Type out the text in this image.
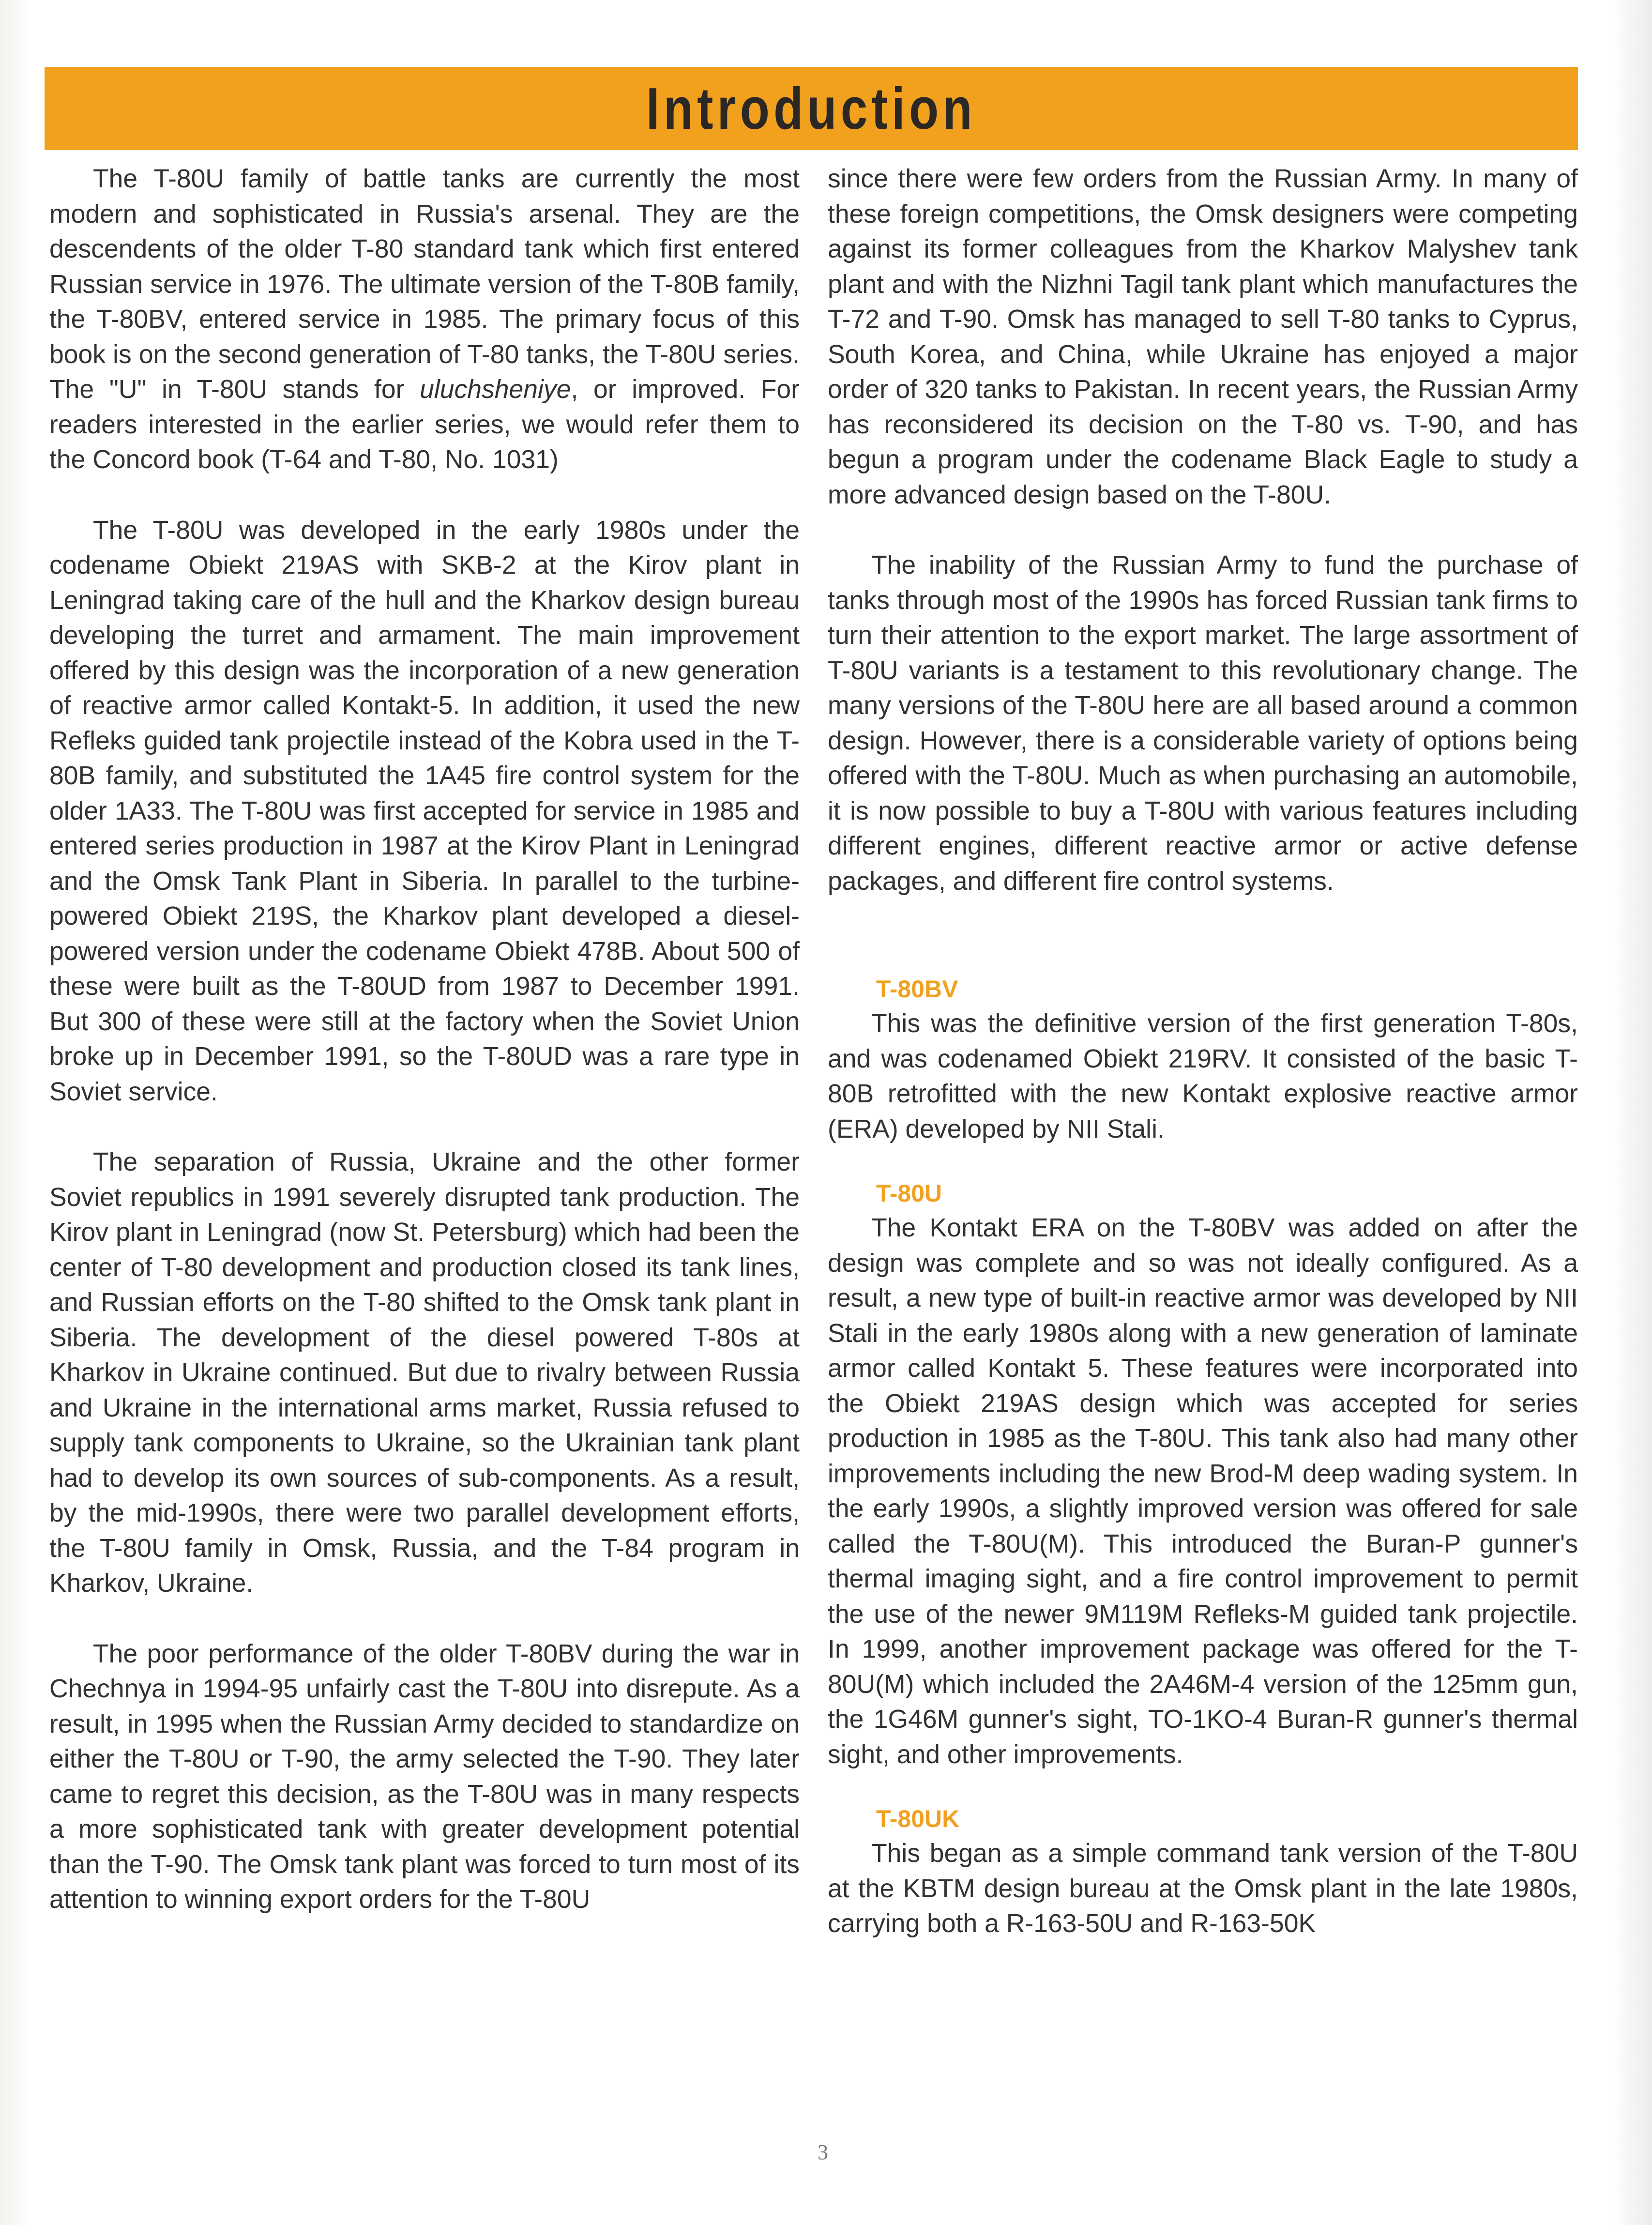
Introduction

The T-80U family of battle tanks are currently the most modern and sophisticated in Russia's arsenal. They are the descendents of the older T-80 standard tank which first entered Russian service in 1976. The ultimate version of the T-80B family, the T-80BV, entered service in 1985. The primary focus of this book is on the second generation of T-80 tanks, the T-80U series. The "U" in T-80U stands for uluchsheniye, or improved. For readers interested in the earlier series, we would refer them to the Concord book (T-64 and T-80, No. 1031)

The T-80U was developed in the early 1980s under the codename Obiekt 219AS with SKB-2 at the Kirov plant in Leningrad taking care of the hull and the Kharkov design bureau developing the turret and armament. The main improvement offered by this design was the incorporation of a new generation of reactive armor called Kontakt-5. In addition, it used the new Refleks guided tank projectile instead of the Kobra used in the T-80B family, and substituted the 1A45 fire control system for the older 1A33. The T-80U was first accepted for service in 1985 and entered series production in 1987 at the Kirov Plant in Leningrad and the Omsk Tank Plant in Siberia. In parallel to the turbine-powered Obiekt 219S, the Kharkov plant developed a diesel-powered version under the codename Obiekt 478B. About 500 of these were built as the T-80UD from 1987 to December 1991. But 300 of these were still at the factory when the Soviet Union broke up in December 1991, so the T-80UD was a rare type in Soviet service.

The separation of Russia, Ukraine and the other former Soviet republics in 1991 severely disrupted tank production. The Kirov plant in Leningrad (now St. Petersburg) which had been the center of T-80 development and production closed its tank lines, and Russian efforts on the T-80 shifted to the Omsk tank plant in Siberia. The development of the diesel powered T-80s at Kharkov in Ukraine continued. But due to rivalry between Russia and Ukraine in the international arms market, Russia refused to supply tank components to Ukraine, so the Ukrainian tank plant had to develop its own sources of sub-components. As a result, by the mid-1990s, there were two parallel development efforts, the T-80U family in Omsk, Russia, and the T-84 program in Kharkov, Ukraine.

The poor performance of the older T-80BV during the war in Chechnya in 1994-95 unfairly cast the T-80U into disrepute. As a result, in 1995 when the Russian Army decided to standardize on either the T-80U or T-90, the army selected the T-90. They later came to regret this decision, as the T-80U was in many respects a more sophisticated tank with greater development potential than the T-90. The Omsk tank plant was forced to turn most of its attention to winning export orders for the T-80U

since there were few orders from the Russian Army. In many of these foreign competitions, the Omsk designers were competing against its former colleagues from the Kharkov Malyshev tank plant and with the Nizhni Tagil tank plant which manufactures the T-72 and T-90. Omsk has managed to sell T-80 tanks to Cyprus, South Korea, and China, while Ukraine has enjoyed a major order of 320 tanks to Pakistan. In recent years, the Russian Army has reconsidered its decision on the T-80 vs. T-90, and has begun a program under the codename Black Eagle to study a more advanced design based on the T-80U.

The inability of the Russian Army to fund the purchase of tanks through most of the 1990s has forced Russian tank firms to turn their attention to the export market. The large assortment of T-80U variants is a testament to this revolutionary change. The many versions of the T-80U here are all based around a common design. However, there is a considerable variety of options being offered with the T-80U. Much as when purchasing an automobile, it is now possible to buy a T-80U with various features including different engines, different reactive armor or active defense packages, and different fire control systems.

T-80BV

This was the definitive version of the first generation T-80s, and was codenamed Obiekt 219RV. It consisted of the basic T-80B retrofitted with the new Kontakt explosive reactive armor (ERA) developed by NII Stali.

T-80U

The Kontakt ERA on the T-80BV was added on after the design was complete and so was not ideally configured. As a result, a new type of built-in reactive armor was developed by NII Stali in the early 1980s along with a new generation of laminate armor called Kontakt 5. These features were incorporated into the Obiekt 219AS design which was accepted for series production in 1985 as the T-80U. This tank also had many other improvements including the new Brod-M deep wading system. In the early 1990s, a slightly improved version was offered for sale called the T-80U(M). This introduced the Buran-P gunner's thermal imaging sight, and a fire control improvement to permit the use of the newer 9M119M Refleks-M guided tank projectile. In 1999, another improvement package was offered for the T-80U(M) which included the 2A46M-4 version of the 125mm gun, the 1G46M gunner's sight, TO-1KO-4 Buran-R gunner's thermal sight, and other improvements.

T-80UK

This began as a simple command tank version of the T-80U at the KBTM design bureau at the Omsk plant in the late 1980s, carrying both a R-163-50U and R-163-50K

3
